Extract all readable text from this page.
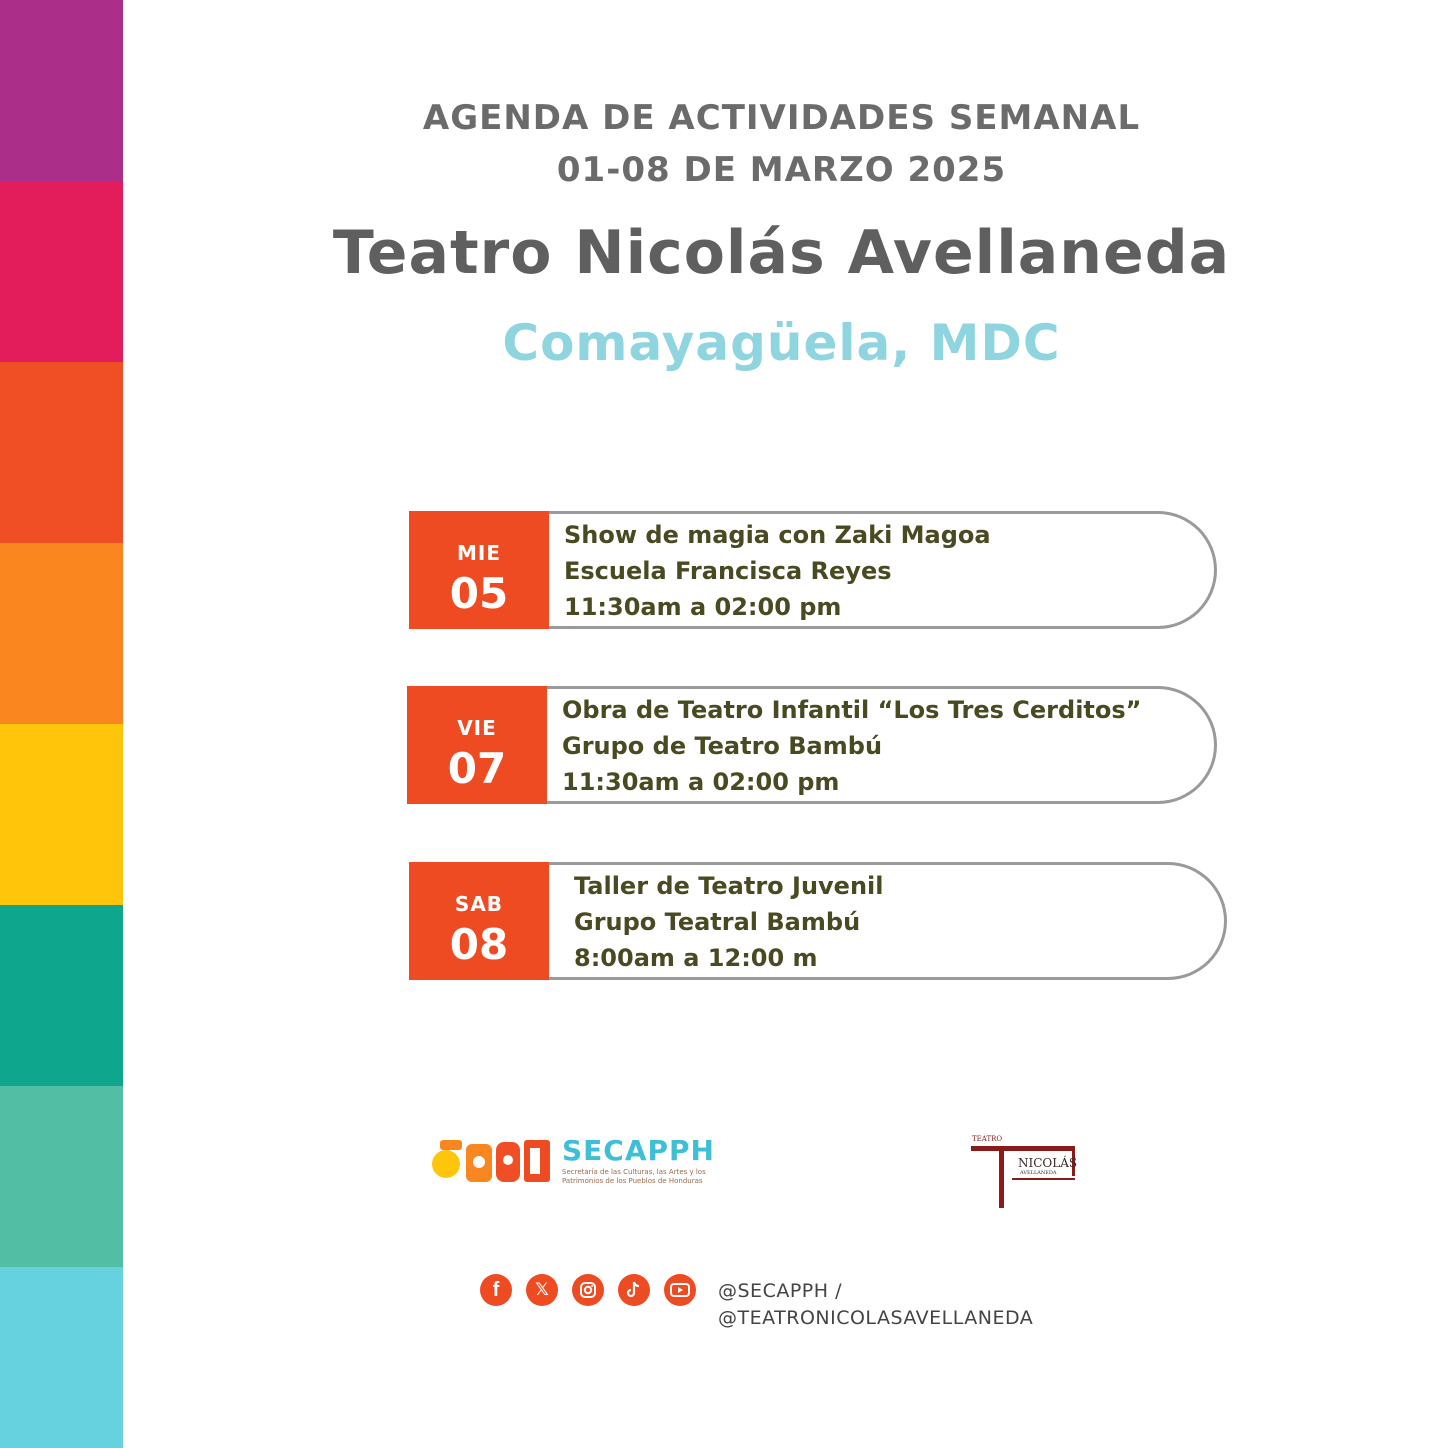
AGENDA DE ACTIVIDADES SEMANAL
01-08 DE MARZO 2025
Teatro Nicolás Avellaneda
Comayagüela, MDC
MIE
05
Show de magia con Zaki Magoa
Escuela Francisca Reyes
11:30am a 02:00 pm
VIE
07
Obra de Teatro Infantil “Los Tres Cerditos”
Grupo de Teatro Bambú
11:30am a 02:00 pm
SAB
08
Taller de Teatro Juvenil
Grupo Teatral Bambú
8:00am a 12:00 m
SECAPPH
Secretaría de las Culturas, las Artes y los Patrimonios de los Pueblos de Honduras
TEATRO
NICOLÁS
AVELLANEDA
f 𝕏	@SECAPPH /
@TEATRONICOLASAVELLANEDA
